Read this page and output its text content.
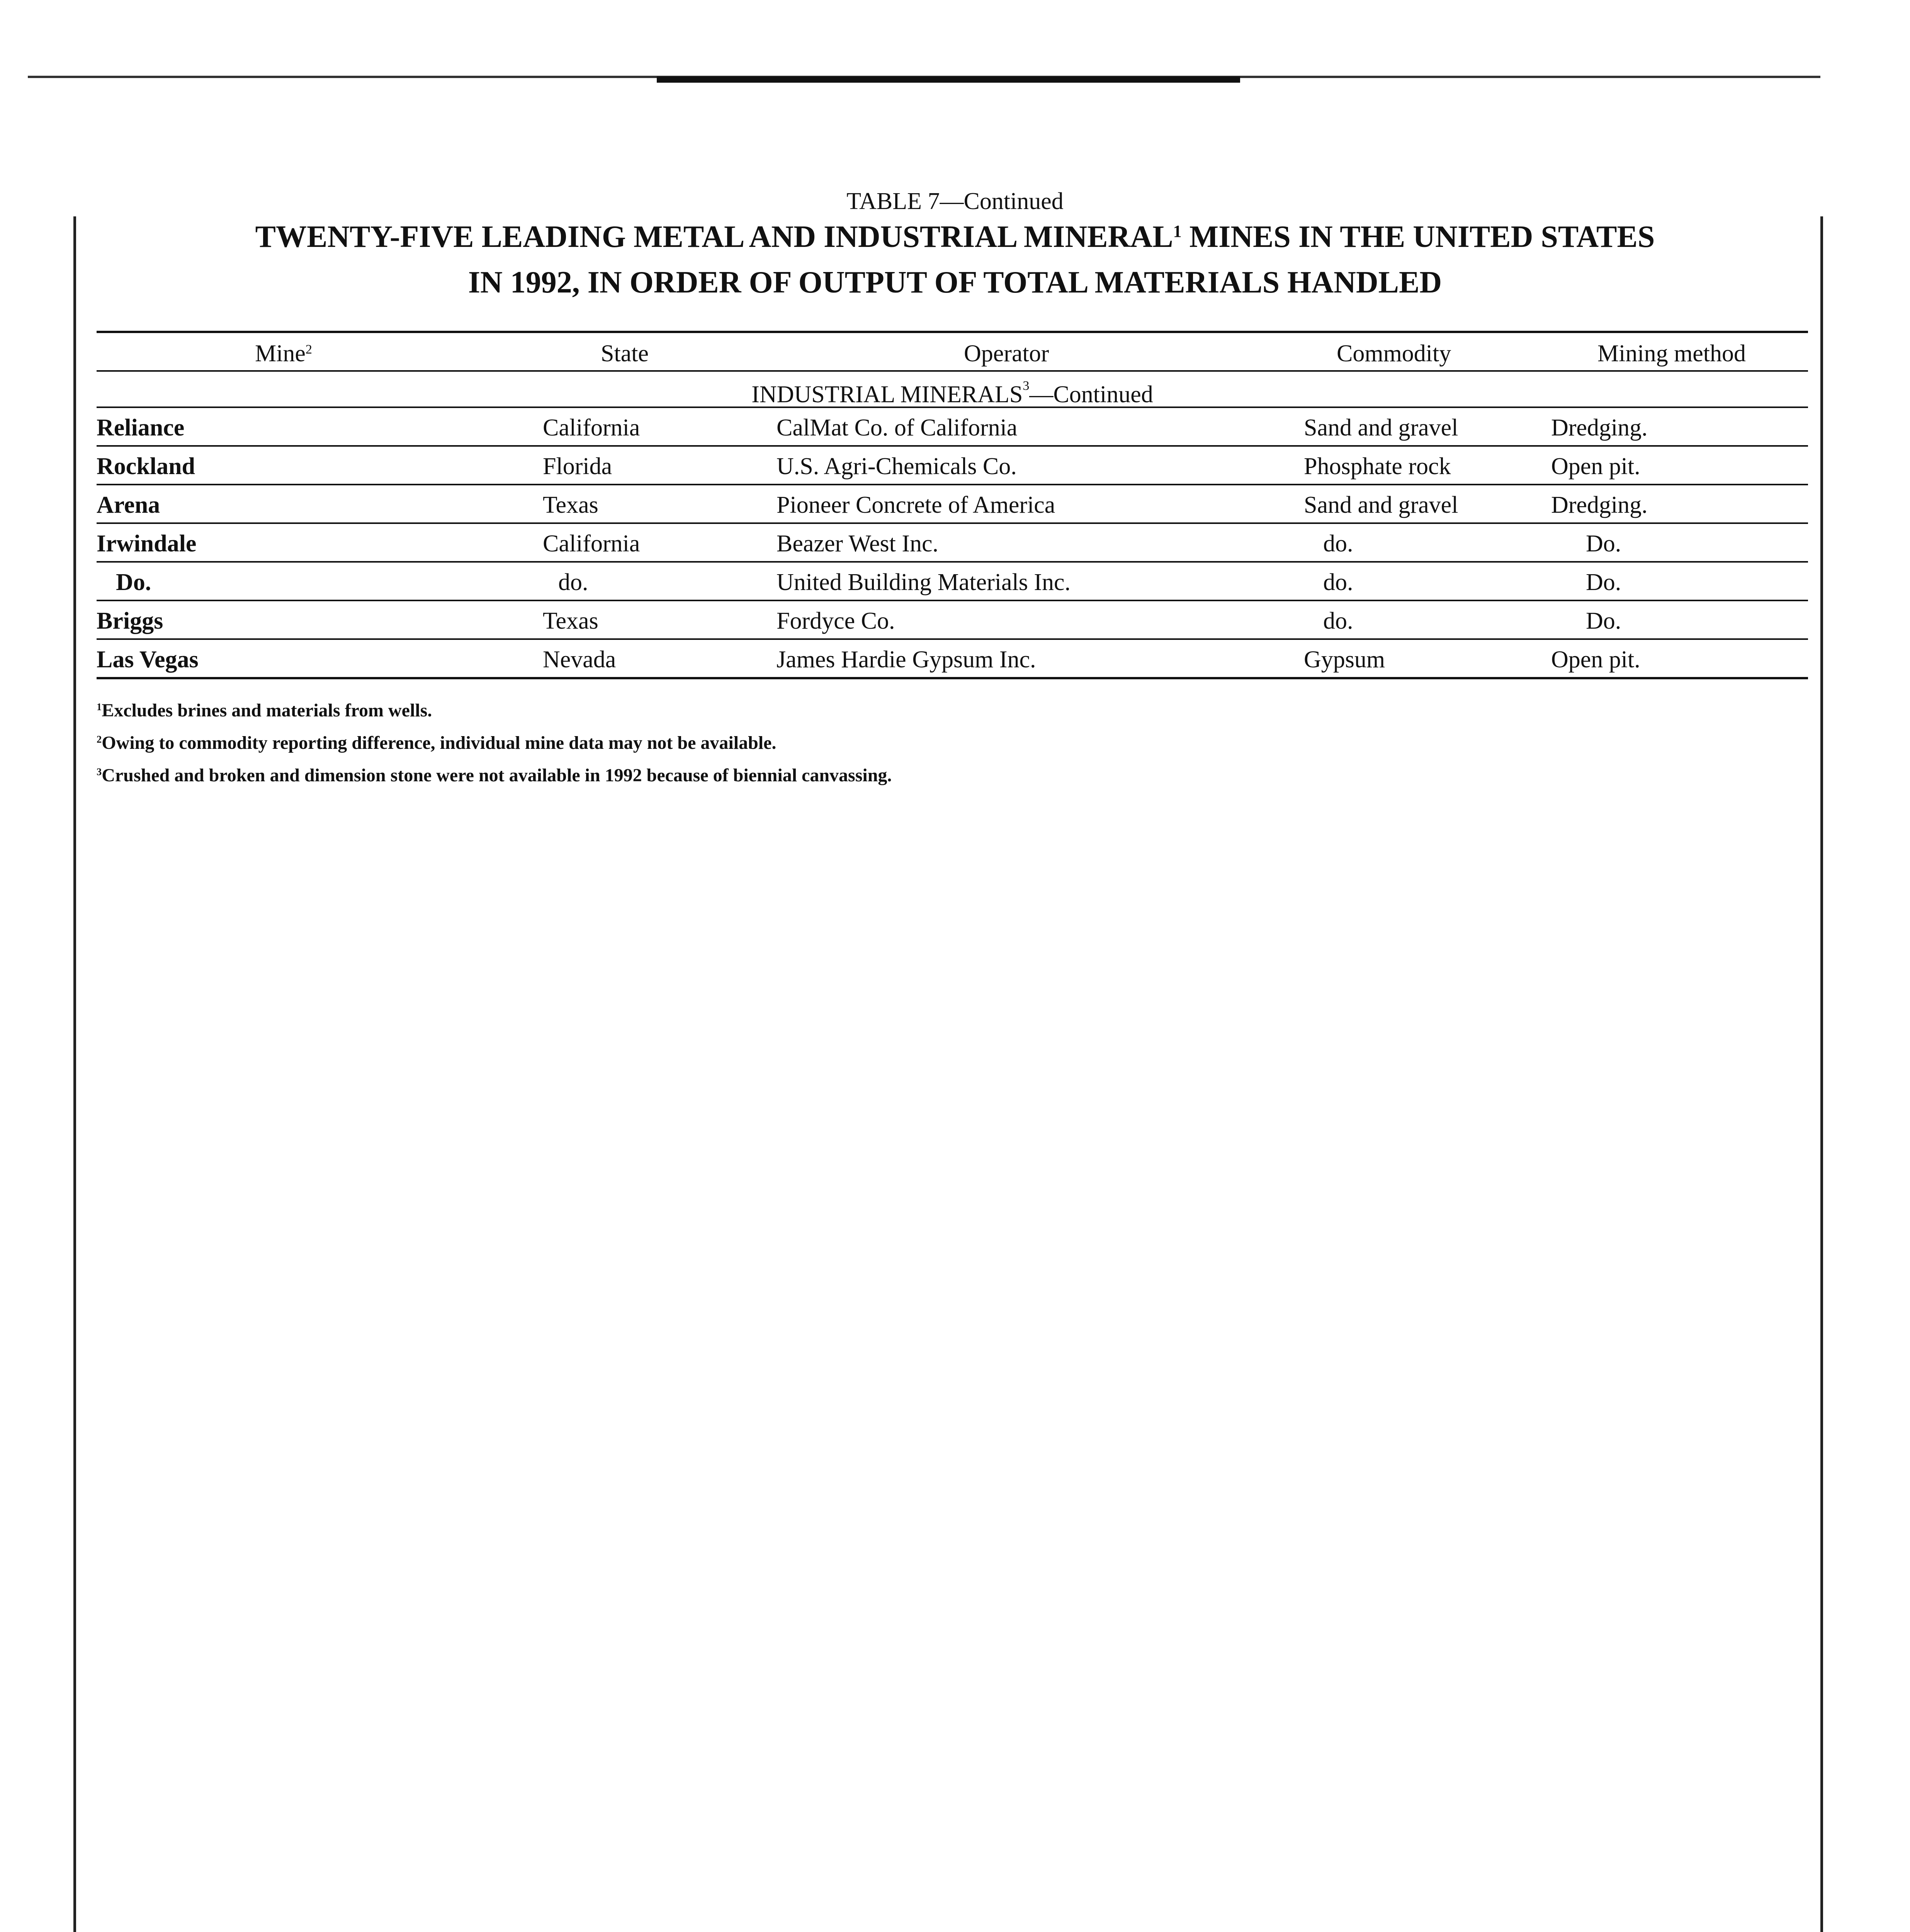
TABLE 7—Continued
TWENTY-FIVE LEADING METAL AND INDUSTRIAL MINERAL$^1$ MINES IN THE UNITED STATES
IN 1992, IN ORDER OF OUTPUT OF TOTAL MATERIALS HANDLED
Mine$^2$	State	Operator	Commodity	Mining method
INDUSTRIAL MINERALS$^3$—Continued
Reliance	California	CalMat Co. of California	Sand and gravel	Dredging.
Rockland	Florida	U.S. Agri-Chemicals Co.	Phosphate rock	Open pit.
Arena	Texas	Pioneer Concrete of America	Sand and gravel	Dredging.
Irwindale	California	Beazer West Inc.	do.	Do.
Do.	do.	United Building Materials Inc.	do.	Do.
Briggs	Texas	Fordyce Co.	do.	Do.
Las Vegas	Nevada	James Hardie Gypsum Inc.	Gypsum	Open pit.
$^1$Excludes brines and materials from wells.
$^2$Owing to commodity reporting difference, individual mine data may not be available.
$^3$Crushed and broken and dimension stone were not available in 1992 because of biennial canvassing.
